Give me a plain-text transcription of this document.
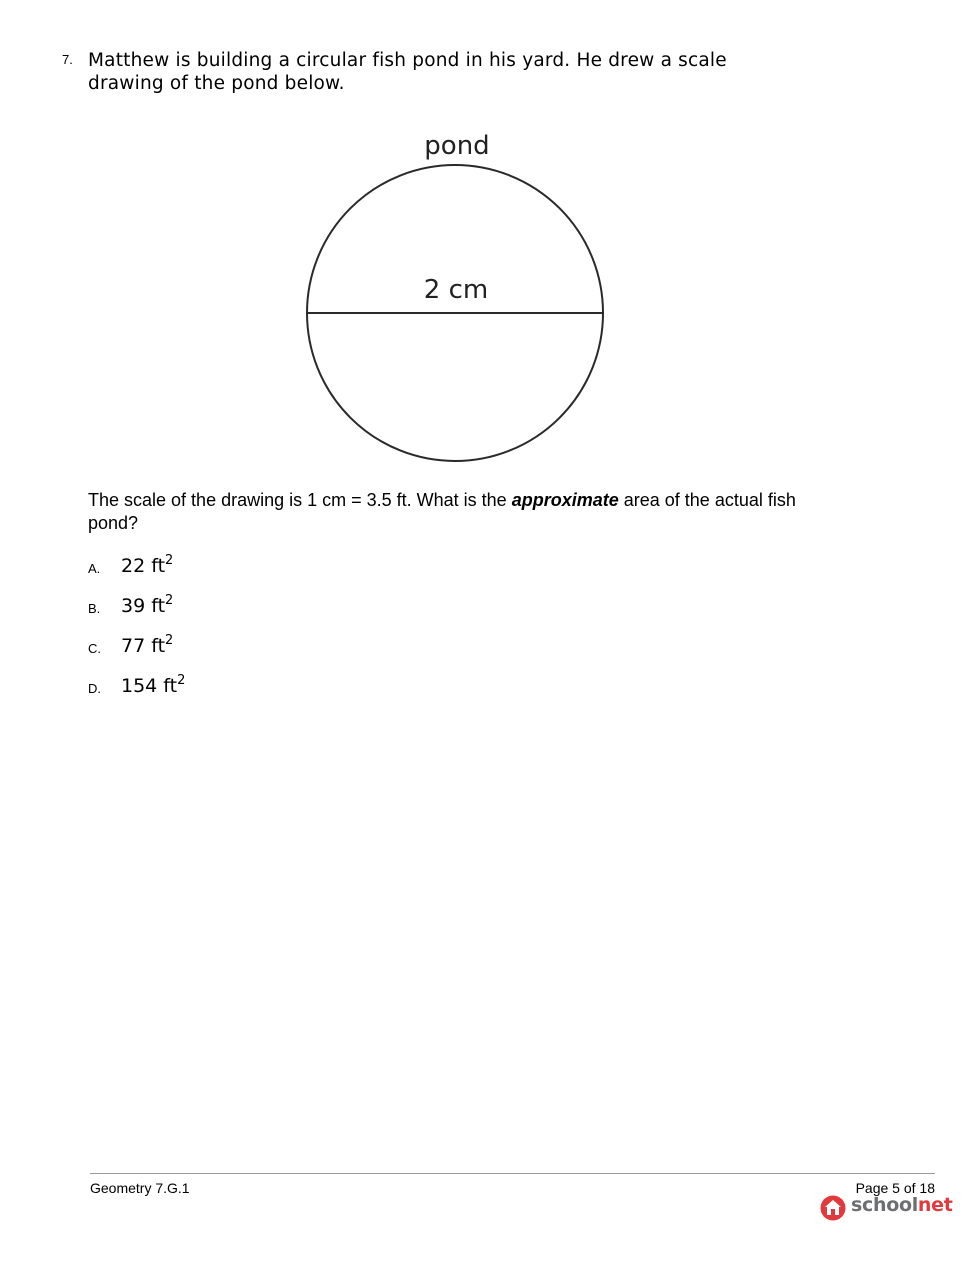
7. Matthew is building a circular fish pond in his yard. He drew a scale drawing of the pond below.
pond
2 cm
The scale of the drawing is 1 cm = 3.5 ft. What is the approximate area of the actual fish pond?
A. 22 $ft^2$
B. 39 $ft^2$
C. 77 $ft^2$
D. 154 $ft^2$
Geometry 7.G.1	Page 5 of 18
schoolnet
